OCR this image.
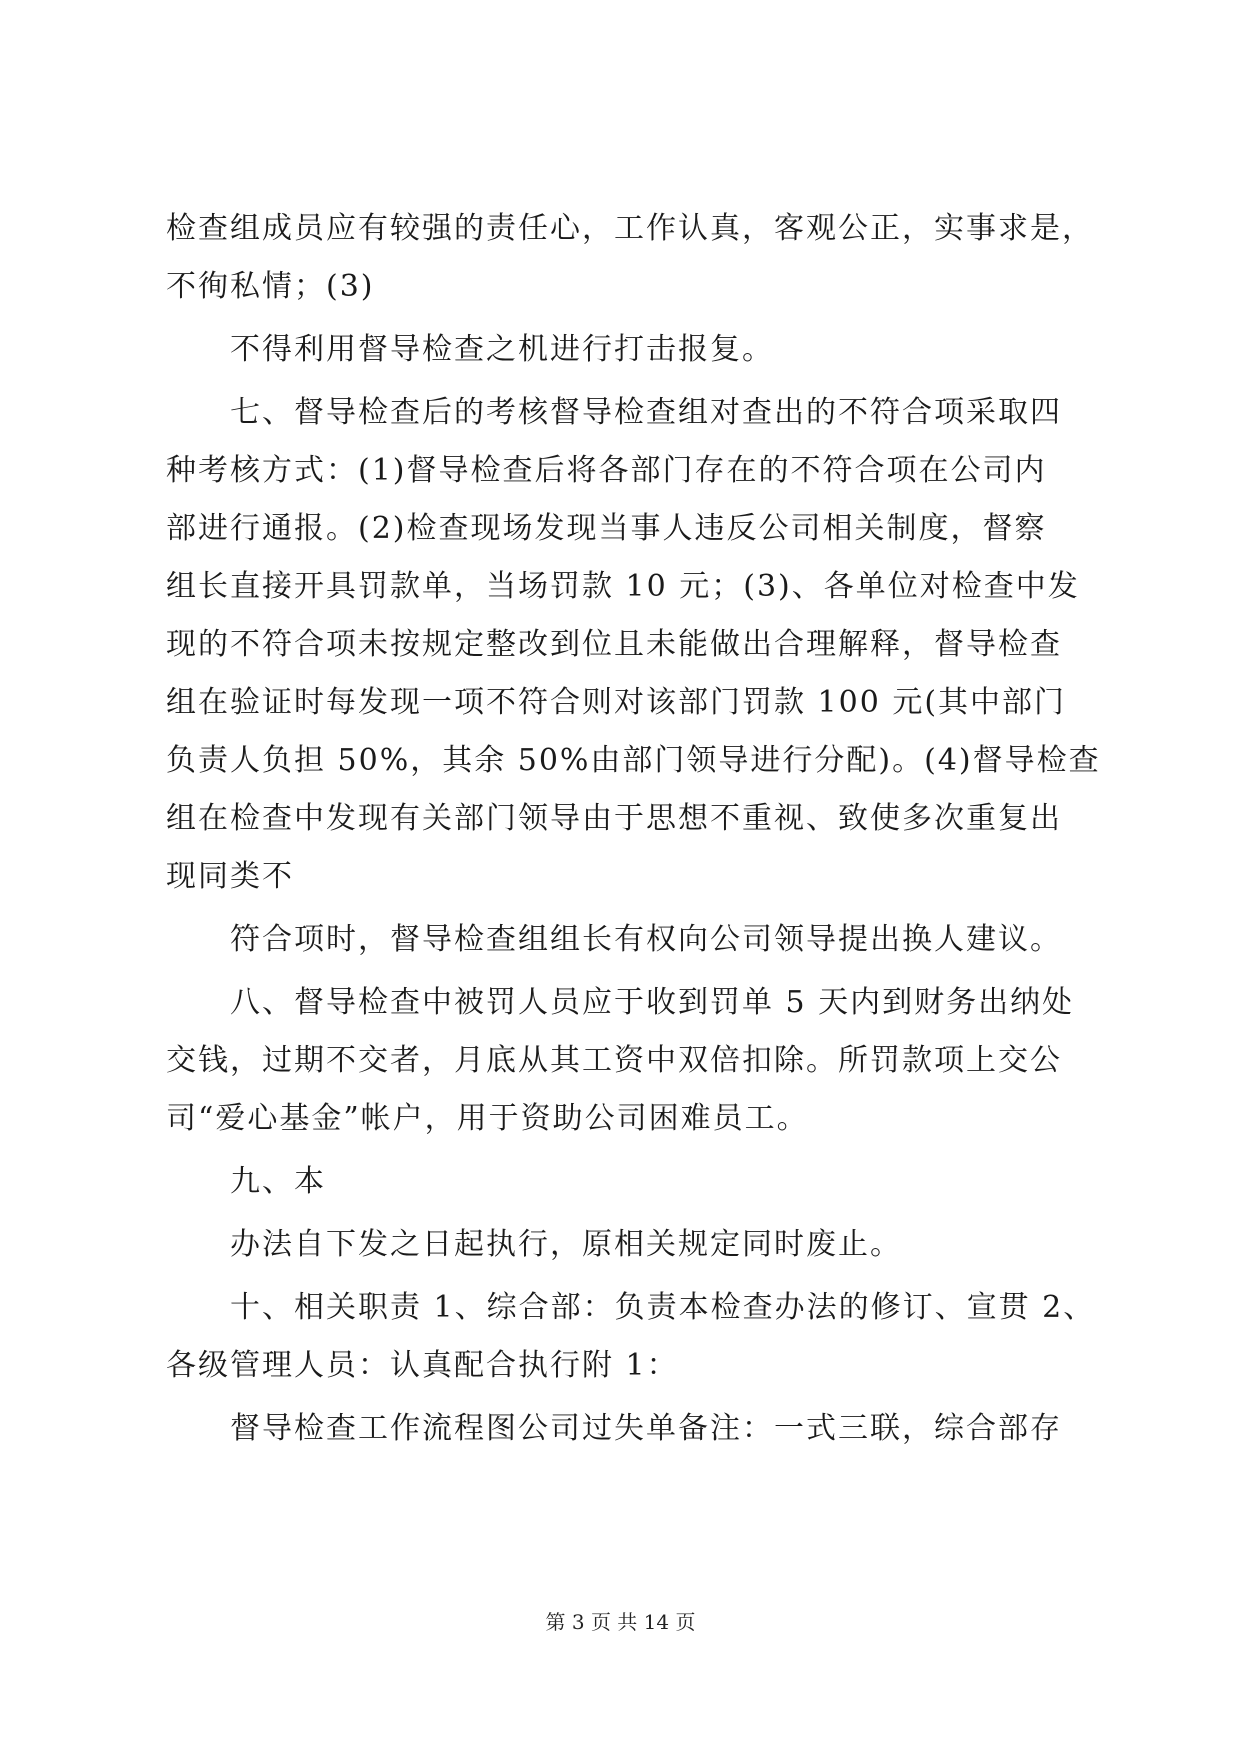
检查组成员应有较强的责任心，工作认真，客观公正，实事求是，
不徇私情；(3)
不得利用督导检查之机进行打击报复。
七、督导检查后的考核督导检查组对查出的不符合项采取四
种考核方式：(1)督导检查后将各部门存在的不符合项在公司内
部进行通报。(2)检查现场发现当事人违反公司相关制度，督察
组长直接开具罚款单，当场罚款 10 元；(3)、各单位对检查中发
现的不符合项未按规定整改到位且未能做出合理解释，督导检查
组在验证时每发现一项不符合则对该部门罚款 100 元(其中部门
负责人负担 50%，其余 50%由部门领导进行分配)。(4)督导检查
组在检查中发现有关部门领导由于思想不重视、致使多次重复出
现同类不
符合项时，督导检查组组长有权向公司领导提出换人建议。
八、督导检查中被罚人员应于收到罚单 5 天内到财务出纳处
交钱，过期不交者，月底从其工资中双倍扣除。所罚款项上交公
司“爱心基金”帐户，用于资助公司困难员工。
九、本
办法自下发之日起执行，原相关规定同时废止。
十、相关职责 1、综合部：负责本检查办法的修订、宣贯 2、
各级管理人员：认真配合执行附 1：
督导检查工作流程图公司过失单备注：一式三联，综合部存
第 3 页 共 14 页
